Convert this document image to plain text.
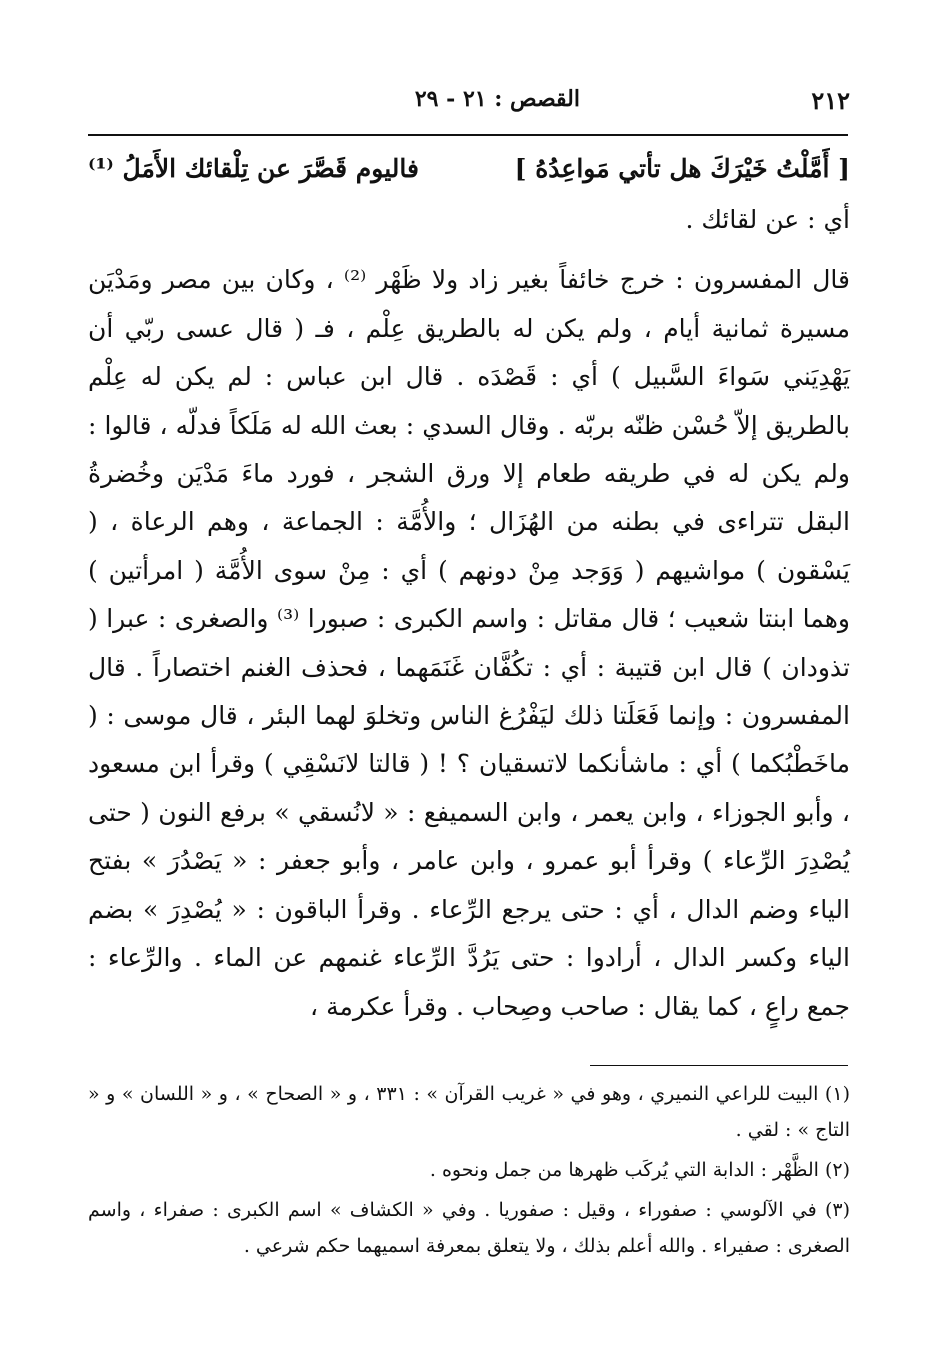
٢١٢
القصص : ٢١ - ٢٩
[ أَمَّلْتُ خَيْرَكَ هل تأتي مَواعِدُهُ ]
فاليوم قَصَّرَ عن تِلْقائك الأَمَلُ ⁽¹⁾

أي : عن لقائك .

قال المفسرون : خرج خائفاً بغير زاد ولا ظَهْر ⁽²⁾ ، وكان بين مصر ومَدْيَن مسيرة ثمانية أيام ، ولم يكن له بالطريق عِلْم ، فـ ( قال عسى ربّي أن يَهْدِيَني سَواءَ السَّبيل ) أي : قَصْدَه . قال ابن عباس : لم يكن له عِلْم بالطريق إلاّ حُسْن ظنّه بربّه . وقال السدي : بعث الله له مَلَكاً فدلّه ، قالوا : ولم يكن له في طريقه طعام إلا ورق الشجر ، فورد ماءَ مَدْيَن وخُضرةُ البقل تتراءى في بطنه من الهُزَال ؛ والأُمَّة : الجماعة ، وهم الرعاة ، ( يَسْقون ) مواشيهم ( وَوَجد مِنْ دونهم ) أي : مِنْ سوى الأُمَّة ( امرأتين ) وهما ابنتا شعيب ؛ قال مقاتل : واسم الكبرى : صبورا ⁽³⁾ والصغرى : عبرا ( تذودان ) قال ابن قتيبة : أي : تكُفَّان غَنَمَهما ، فحذف الغنم اختصاراً . قال المفسرون : وإنما فَعَلَتا ذلك ليَفْرُغ الناس وتخلوَ لهما البئر ، قال موسى : ( ماخَطْبُكما ) أي : ماشأنكما لاتسقيان ؟ ! ( قالتا لانَسْقِي ) وقرأ ابن مسعود ، وأبو الجوزاء ، وابن يعمر ، وابن السميفع : « لانُسقي » برفع النون ( حتى يُصْدِرَ الرِّعاء ) وقرأ أبو عمرو ، وابن عامر ، وأبو جعفر : « يَصْدُرَ » بفتح الياء وضم الدال ، أي : حتى يرجع الرِّعاء . وقرأ الباقون : « يُصْدِرَ » بضم الياء وكسر الدال ، أرادوا : حتى يَرُدَّ الرِّعاء غنمهم عن الماء . والرِّعاء : جمع راعٍ ، كما يقال : صاحب وصِحاب . وقرأ عكرمة ،

(١) البيت للراعي النميري ، وهو في « غريب القرآن » : ٣٣١ ، و « الصحاح » ، و « اللسان » و « التاج » : لقي .

(٢) الظَّهْر : الدابة التي يُركَب ظهرها من جمل ونحوه .

(٣) في الآلوسي : صفوراء ، وقيل : صفوريا . وفي « الكشاف » اسم الكبرى : صفراء ، واسم الصغرى : صفيراء . والله أعلم بذلك ، ولا يتعلق بمعرفة اسميهما حكم شرعي .
